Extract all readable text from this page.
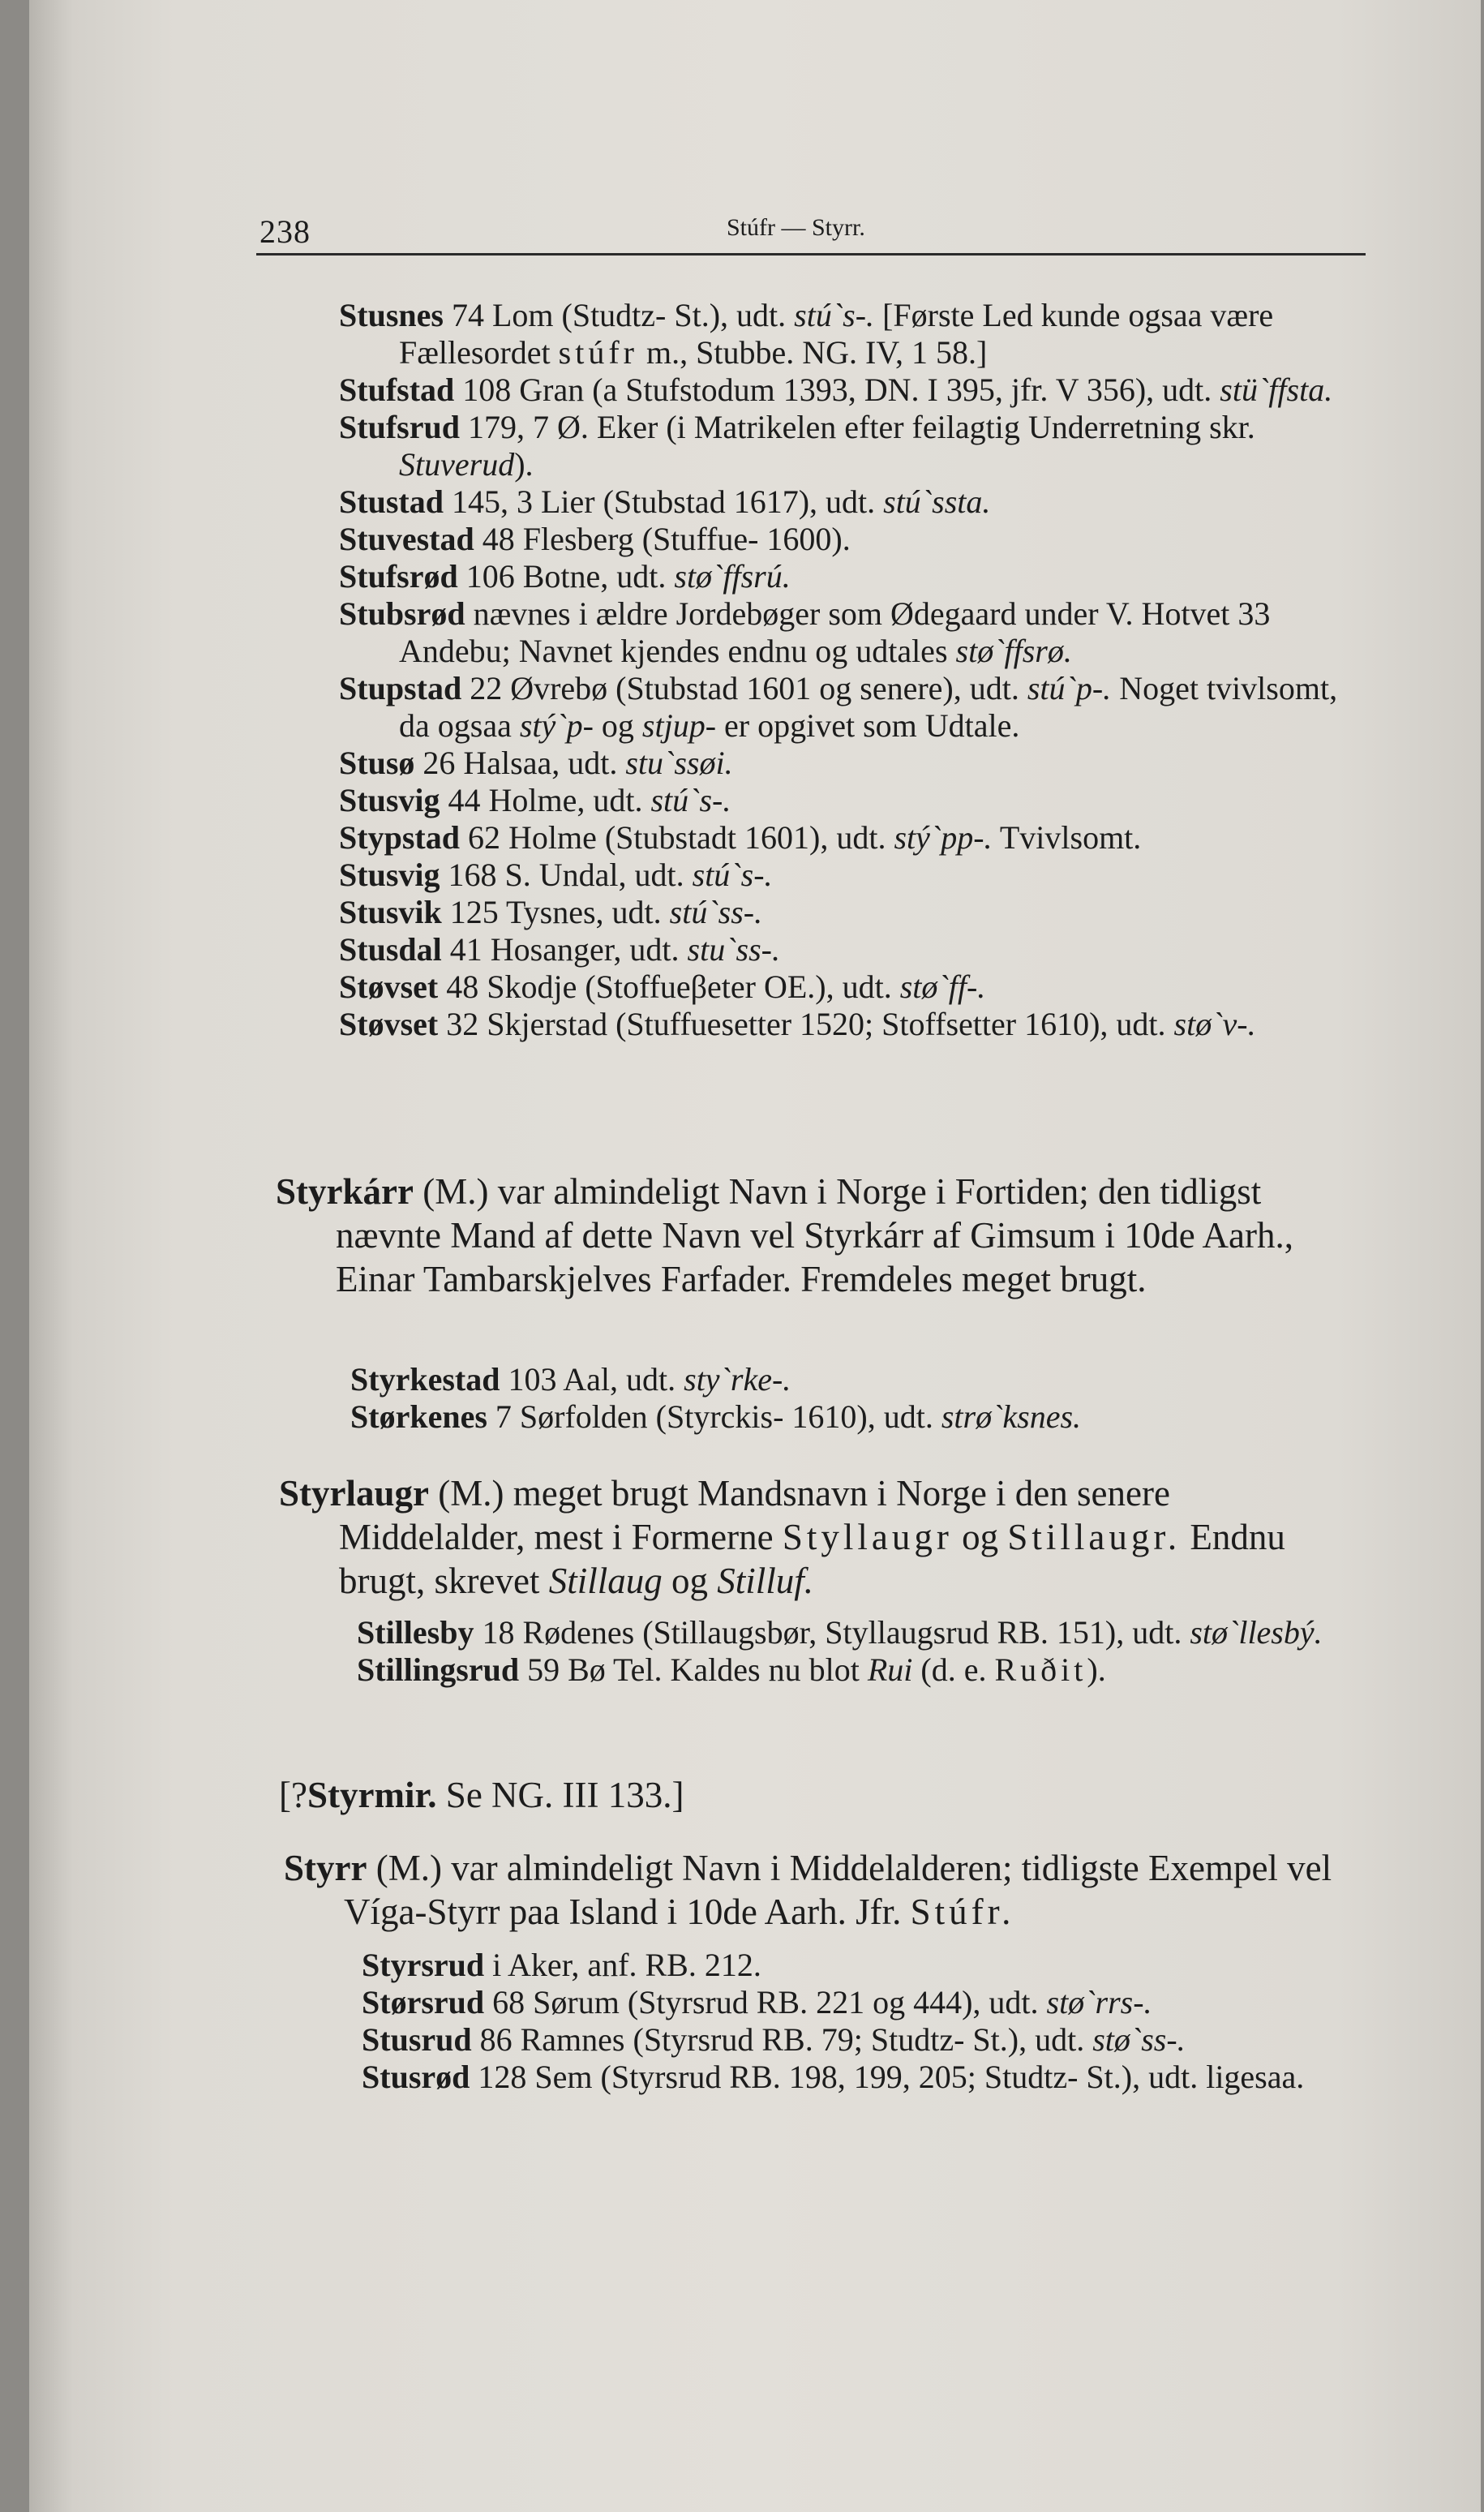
238	Stúfr — Styrr.
Stusnes 74 Lom (Studtz- St.), udt. stú`s-. [Første Led kunde ogsaa være Fællesordet stúfr m., Stubbe. NG. IV, 1 58.]
Stufstad 108 Gran (a Stufstodum 1393, DN. I 395, jfr. V 356), udt. stü`ffsta.
Stufsrud 179, 7 Ø. Eker (i Matrikelen efter feilagtig Underretning skr. Stuverud).
Stustad 145, 3 Lier (Stubstad 1617), udt. stú`ssta.
Stuvestad 48 Flesberg (Stuffue- 1600).
Stufsrød 106 Botne, udt. stø`ffsrú.
Stubsrød nævnes i ældre Jordebøger som Ødegaard under V. Hotvet 33 Andebu; Navnet kjendes endnu og udtales stø`ffsrø.
Stupstad 22 Øvrebø (Stubstad 1601 og senere), udt. stú`p-. Noget tvivlsomt, da ogsaa stý`p- og stjup- er opgivet som Udtale.
Stusø 26 Halsaa, udt. stu`ssøi.
Stusvig 44 Holme, udt. stú`s-.
Stypstad 62 Holme (Stubstadt 1601), udt. stý`pp-. Tvivlsomt.
Stusvig 168 S. Undal, udt. stú`s-.
Stusvik 125 Tysnes, udt. stú`ss-.
Stusdal 41 Hosanger, udt. stu`ss-.
Støvset 48 Skodje (Stoffueβeter OE.), udt. stø`ff-.
Støvset 32 Skjerstad (Stuffuesetter 1520; Stoffsetter 1610), udt. stø`v-.
Styrkárr (M.) var almindeligt Navn i Norge i Fortiden; den tidligst nævnte Mand af dette Navn vel Styrkárr af Gimsum i 10de Aarh., Einar Tambarskjelves Farfader. Fremdeles meget brugt.
Styrkestad 103 Aal, udt. sty`rke-.
Størkenes 7 Sørfolden (Styrckis- 1610), udt. strø`ksnes.
Styrlaugr (M.) meget brugt Mandsnavn i Norge i den senere Middelalder, mest i Formerne Styllaugr og Stillaugr. Endnu brugt, skrevet Stillaug og Stilluf.
Stillesby 18 Rødenes (Stillaugsbør, Styllaugsrud RB. 151), udt. stø`llesbý.
Stillingsrud 59 Bø Tel. Kaldes nu blot Rui (d. e. Ruðit).
[?Styrmir. Se NG. III 133.]
Styrr (M.) var almindeligt Navn i Middelalderen; tidligste Exempel vel Víga-Styrr paa Island i 10de Aarh. Jfr. Stúfr.
Styrsrud i Aker, anf. RB. 212.
Størsrud 68 Sørum (Styrsrud RB. 221 og 444), udt. stø`rrs-.
Stusrud 86 Ramnes (Styrsrud RB. 79; Studtz- St.), udt. stø`ss-.
Stusrød 128 Sem (Styrsrud RB. 198, 199, 205; Studtz- St.), udt. ligesaa.
